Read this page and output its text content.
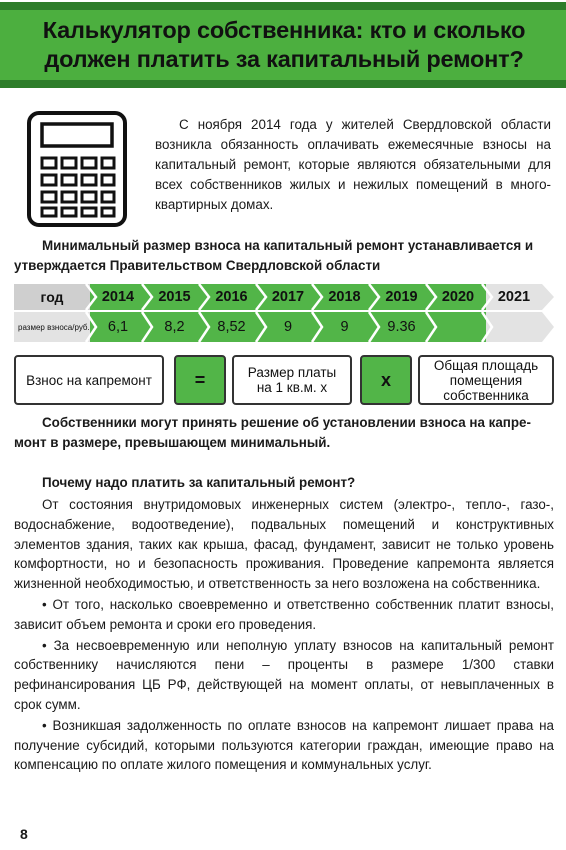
Калькулятор собственника: кто и сколько должен платить за капитальный ремонт?
С ноября 2014 года у жителей Свердловской области возникла обязанность оплачивать ежемесячные взносы на капитальный ремонт, которые являются обязательными для всех собственников жилых и нежилых помещений в много-квартирных домах.
Минимальный размер взноса на капитальный ремонт устанавливается и утверждается Правительством Свердловской области
год	2014	2015	2016	2017	2018	2019	2020	2021
размер взноса/руб.	6,1	8,2	8,52	9	9	9.36
Взнос на капремонт	=	Размер платы на 1 кв.м. х	х
Общая площадь помещения собственника
Собственники могут принять решение об установлении взноса на капре-монт в размере, превышающем минимальный.
Почему надо платить за капитальный ремонт?

От состояния внутридомовых инженерных систем (электро-, тепло-, газо-, водоснабжение, водоотведение), подвальных помещений и конструктивных элементов здания, таких как крыша, фасад, фундамент, зависит не только уровень комфортности, но и безопасность проживания. Проведение капремонта является жизненной необходимостью, и ответственность за него возложена на собственника.

• От того, насколько своевременно и ответственно собственник платит взносы, зависит объем ремонта и сроки его проведения.

• За несвоевременную или неполную уплату взносов на капитальный ремонт собственнику начисляются пени – проценты в размере 1/300 ставки рефинансирования ЦБ РФ, действующей на момент оплаты, от невыплаченных в срок сумм.

• Возникшая задолженность по оплате взносов на капремонт лишает права на получение субсидий, которыми пользуются категории граждан, имеющие право на компенсацию по оплате жилого помещения и коммунальных услуг.

8
